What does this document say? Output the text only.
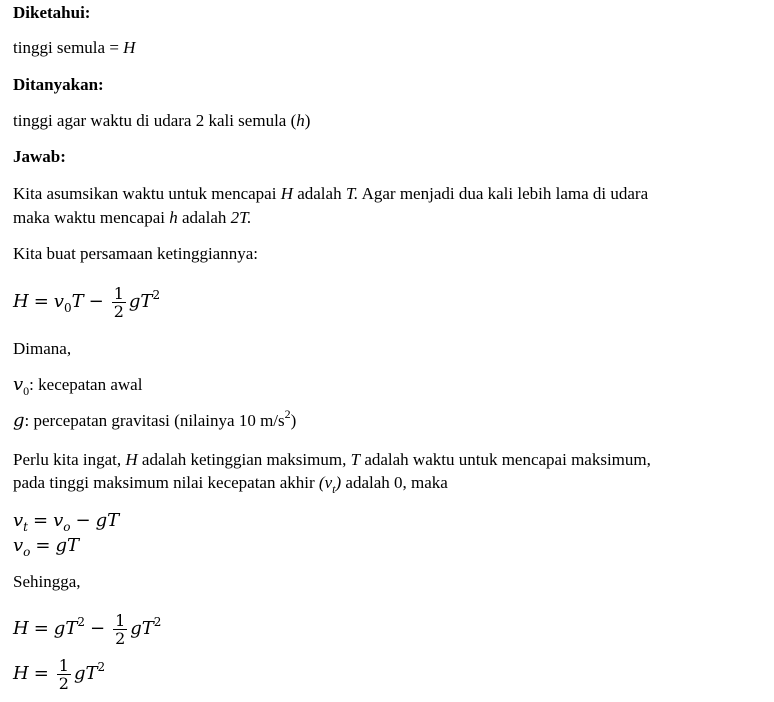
Diketahui:
tinggi semula = H
Ditanyakan:
tinggi agar waktu di udara 2 kali semula (h)
Jawab:
Kita asumsikan waktu untuk mencapai H adalah T. Agar menjadi dua kali lebih lama di udara
maka waktu mencapai h adalah 2T.
Kita buat persamaan ketinggiannya:
$H = v_0T - \frac{1}{2} gT^2$
Dimana,
$v_0$: kecepatan awal
g: percepatan gravitasi (nilainya 10 $m/s^2$)
Perlu kita ingat, H adalah ketinggian maksimum, T adalah waktu untuk mencapai maksimum,
pada tinggi maksimum nilai kecepatan akhir $(v_t)$ adalah 0, maka
$v_t = v_o$ − gT
$v_o$ = gT
Sehingga,
$H = gT^2 - \frac{1}{2} gT^2$
$H = \frac{1}{2} gT^2$
